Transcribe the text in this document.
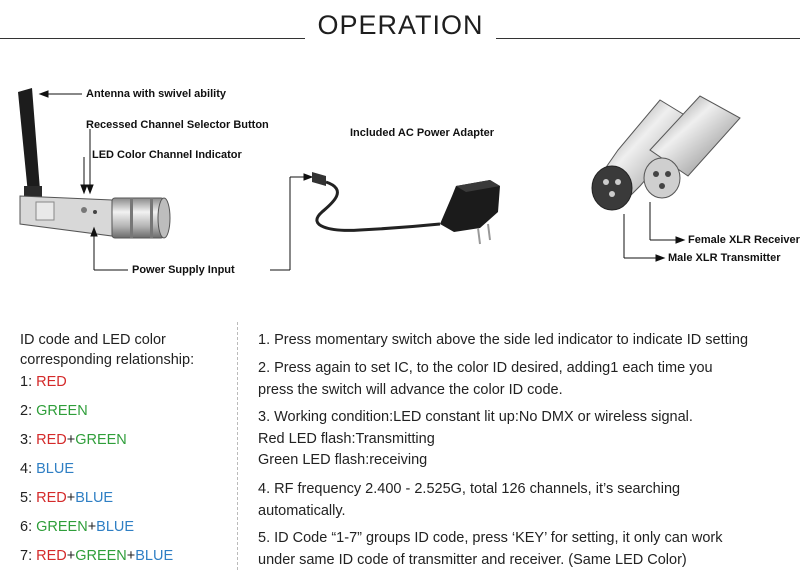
OPERATION
Antenna with swivel ability
Recessed Channel Selector Button
LED Color Channel Indicator
Included AC Power Adapter
Power Supply Input
Female XLR Receiver
Male XLR Transmitter
ID code and LED color
corresponding relationship:
1: RED
2: GREEN
3: RED+GREEN
4: BLUE
5: RED+BLUE
6: GREEN+BLUE
7: RED+GREEN+BLUE

1. Press momentary switch above the side led indicator to indicate ID setting

2. Press again to set IC, to the color ID desired, adding1 each time you

press the switch will advance the color ID code.

3. Working condition:LED constant lit up:No DMX or wireless signal.

Red LED flash:Transmitting

Green LED flash:receiving

4. RF frequency 2.400 - 2.525G, total 126 channels, it’s searching

automatically.

5. ID Code “1-7” groups ID code, press ‘KEY’ for setting, it only can work

under same ID code of transmitter and receiver. (Same LED Color)
